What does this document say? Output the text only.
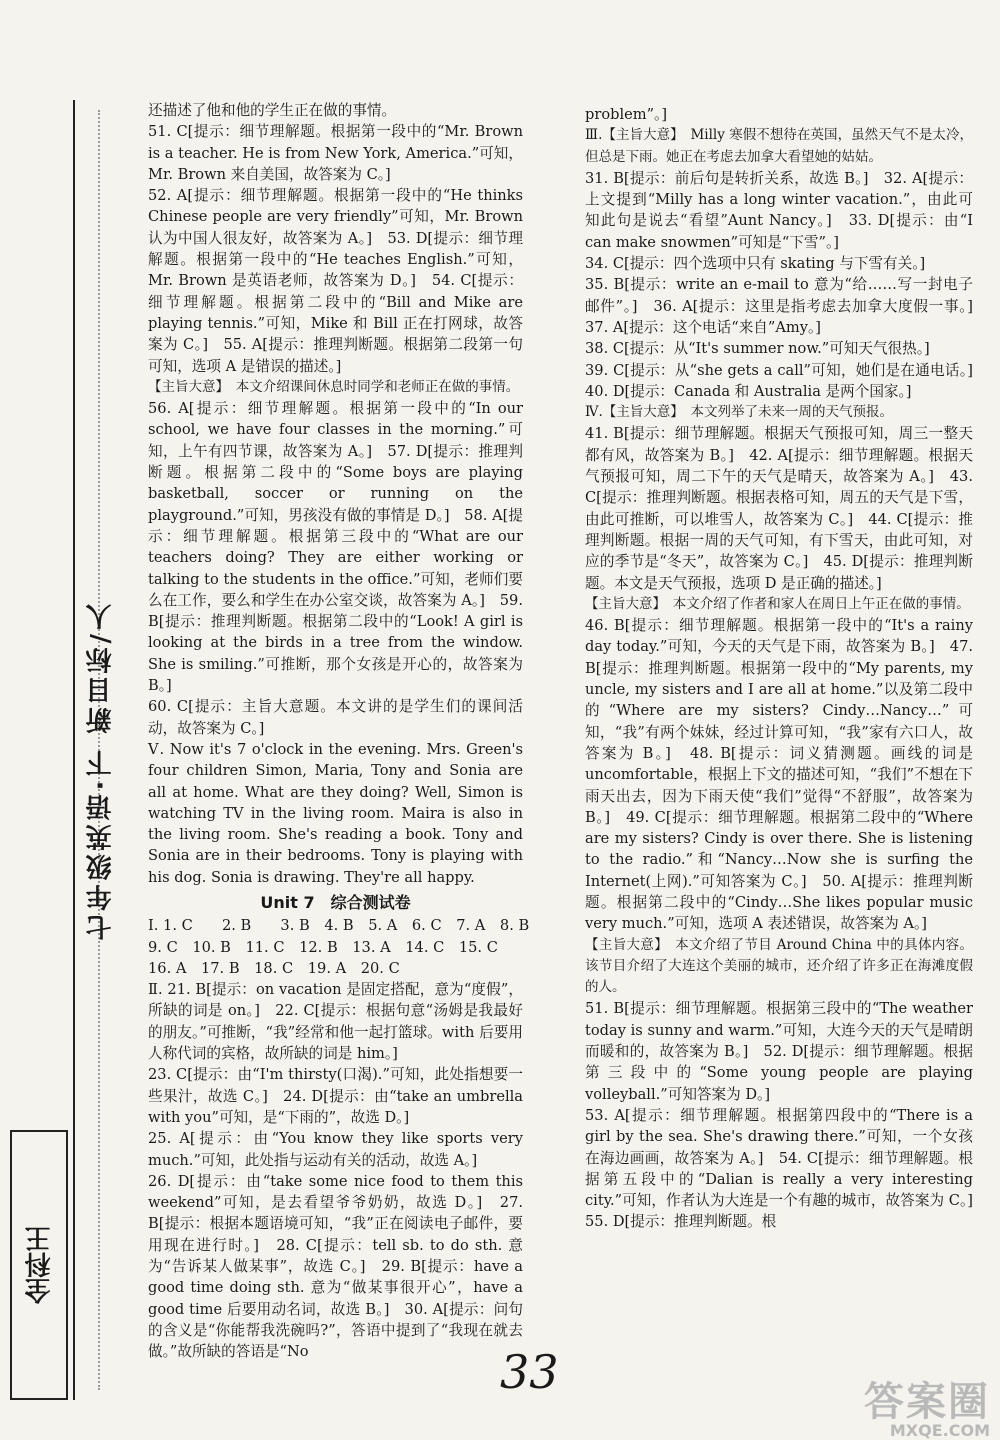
七年级英语·下 新目标/人
全科王
还描述了他和他的学生正在做的事情。
51. C[提示：细节理解题。根据第一段中的“Mr. Brown is a teacher. He is from New York, America.”可知，Mr. Brown 来自美国，故答案为 C。]
52. A[提示：细节理解题。根据第一段中的“He thinks Chinese people are very friendly”可知，Mr. Brown 认为中国人很友好，故答案为 A。]　53. D[提示：细节理解题。根据第一段中的“He teaches English.”可知，Mr. Brown 是英语老师，故答案为 D。]　54. C[提示：细节理解题。根据第二段中的“Bill and Mike are playing tennis.”可知，Mike 和 Bill 正在打网球，故答案为 C。]　55. A[提示：推理判断题。根据第二段第一句可知，选项 A 是错误的描述。]
【主旨大意】　本文介绍课间休息时同学和老师正在做的事情。
56. A[提示：细节理解题。根据第一段中的“In our school, we have four classes in the morning.”可知，上午有四节课，故答案为 A。]　57. D[提示：推理判断题。根据第二段中的“Some boys are playing basketball, soccer or running on the playground.”可知，男孩没有做的事情是 D。]　58. A[提示：细节理解题。根据第三段中的“What are our teachers doing? They are either working or talking to the students in the office.”可知，老师们要么在工作，要么和学生在办公室交谈，故答案为 A。]　59. B[提示：推理判断题。根据第二段中的“Look! A girl is looking at the birds in a tree from the window. She is smiling.”可推断，那个女孩是开心的，故答案为 B。]
60. C[提示：主旨大意题。本文讲的是学生们的课间活动，故答案为 C。]
Ⅴ. Now it's 7 o'clock in the evening. Mrs. Green's four children Simon, Maria, Tony and Sonia are all at home. What are they doing? Well, Simon is watching TV in the living room. Maira is also in the living room. She's reading a book. Tony and Sonia are in their bedrooms. Tony is playing with his dog. Sonia is drawing. They're all happy.
Unit 7　综合测试卷
Ⅰ. 1. C　　2. B　　3. B　4. B　5. A　6. C　7. A　8. B
9. C　10. B　11. C　12. B　13. A　14. C　15. C
16. A　17. B　18. C　19. A　20. C
Ⅱ. 21. B[提示：on vacation 是固定搭配，意为“度假”，所缺的词是 on。]　22. C[提示：根据句意“汤姆是我最好的朋友。”可推断，“我”经常和他一起打篮球。with 后要用人称代词的宾格，故所缺的词是 him。]
23. C[提示：由“I'm thirsty(口渴).”可知，此处指想要一些果汁，故选 C。]　24. D[提示：由“take an umbrella with you”可知，是“下雨的”，故选 D。]
25. A[提示：由“You know they like sports very much.”可知，此处指与运动有关的活动，故选 A。]
26. D[提示：由“take some nice food to them this weekend”可知，是去看望爷爷奶奶，故选 D。]　27. B[提示：根据本题语境可知，“我”正在阅读电子邮件，要用现在进行时。]　28. C[提示：tell sb. to do sth. 意为“告诉某人做某事”，故选 C。]　29. B[提示：have a good time doing sth. 意为“做某事很开心”，have a good time 后要用动名词，故选 B。]　30. A[提示：问句的含义是“你能帮我洗碗吗?”，答语中提到了“我现在就去做。”故所缺的答语是“No
problem”。]
Ⅲ.【主旨大意】　Milly 寒假不想待在英国，虽然天气不是太冷，但总是下雨。她正在考虑去加拿大看望她的姑姑。
31. B[提示：前后句是转折关系，故选 B。]　32. A[提示：上文提到“Milly has a long winter vacation.”，由此可知此句是说去“看望”Aunt Nancy。]　33. D[提示：由“I can make snowmen”可知是“下雪”。]
34. C[提示：四个选项中只有 skating 与下雪有关。]
35. B[提示：write an e-mail to 意为“给……写一封电子邮件”。]　36. A[提示：这里是指考虑去加拿大度假一事。]　37. A[提示：这个电话“来自”Amy。]
38. C[提示：从“It's summer now.”可知天气很热。]
39. C[提示：从“she gets a call”可知，她们是在通电话。]　40. D[提示：Canada 和 Australia 是两个国家。]
Ⅳ.【主旨大意】　本文列举了未来一周的天气预报。
41. B[提示：细节理解题。根据天气预报可知，周三一整天都有风，故答案为 B。]　42. A[提示：细节理解题。根据天气预报可知，周二下午的天气是晴天，故答案为 A。]　43. C[提示：推理判断题。根据表格可知，周五的天气是下雪，由此可推断，可以堆雪人，故答案为 C。]　44. C[提示：推理判断题。根据一周的天气可知，有下雪天，由此可知，对应的季节是“冬天”，故答案为 C。]　45. D[提示：推理判断题。本文是天气预报，选项 D 是正确的描述。]
【主旨大意】　本文介绍了作者和家人在周日上午正在做的事情。
46. B[提示：细节理解题。根据第一段中的“It's a rainy day today.”可知，今天的天气是下雨，故答案为 B。]　47. B[提示：推理判断题。根据第一段中的“My parents, my uncle, my sisters and I are all at home.”以及第二段中的“Where are my sisters? Cindy…Nancy…”可知，“我”有两个妹妹，经过计算可知，“我”家有六口人，故答案为 B。]　48. B[提示：词义猜测题。画线的词是 uncomfortable，根据上下文的描述可知，“我们”不想在下雨天出去，因为下雨天使“我们”觉得“不舒服”，故答案为 B。]　49. C[提示：细节理解题。根据第二段中的“Where are my sisters? Cindy is over there. She is listening to the radio.”和“Nancy…Now she is surfing the Internet(上网).”可知答案为 C。]　50. A[提示：推理判断题。根据第二段中的“Cindy…She likes popular music very much.”可知，选项 A 表述错误，故答案为 A。]
【主旨大意】　本文介绍了节目 Around China 中的具体内容。该节目介绍了大连这个美丽的城市，还介绍了许多正在海滩度假的人。
51. B[提示：细节理解题。根据第三段中的“The weather today is sunny and warm.”可知，大连今天的天气是晴朗而暖和的，故答案为 B。]　52. D[提示：细节理解题。根据第三段中的“Some young people are playing volleyball.”可知答案为 D。]
53. A[提示：细节理解题。根据第四段中的“There is a girl by the sea. She's drawing there.”可知，一个女孩在海边画画，故答案为 A。]　54. C[提示：细节理解题。根据第五段中的“Dalian is really a very interesting city.”可知，作者认为大连是一个有趣的城市，故答案为 C。]　55. D[提示：推理判断题。根
33
答案圈
MXQE.COM
